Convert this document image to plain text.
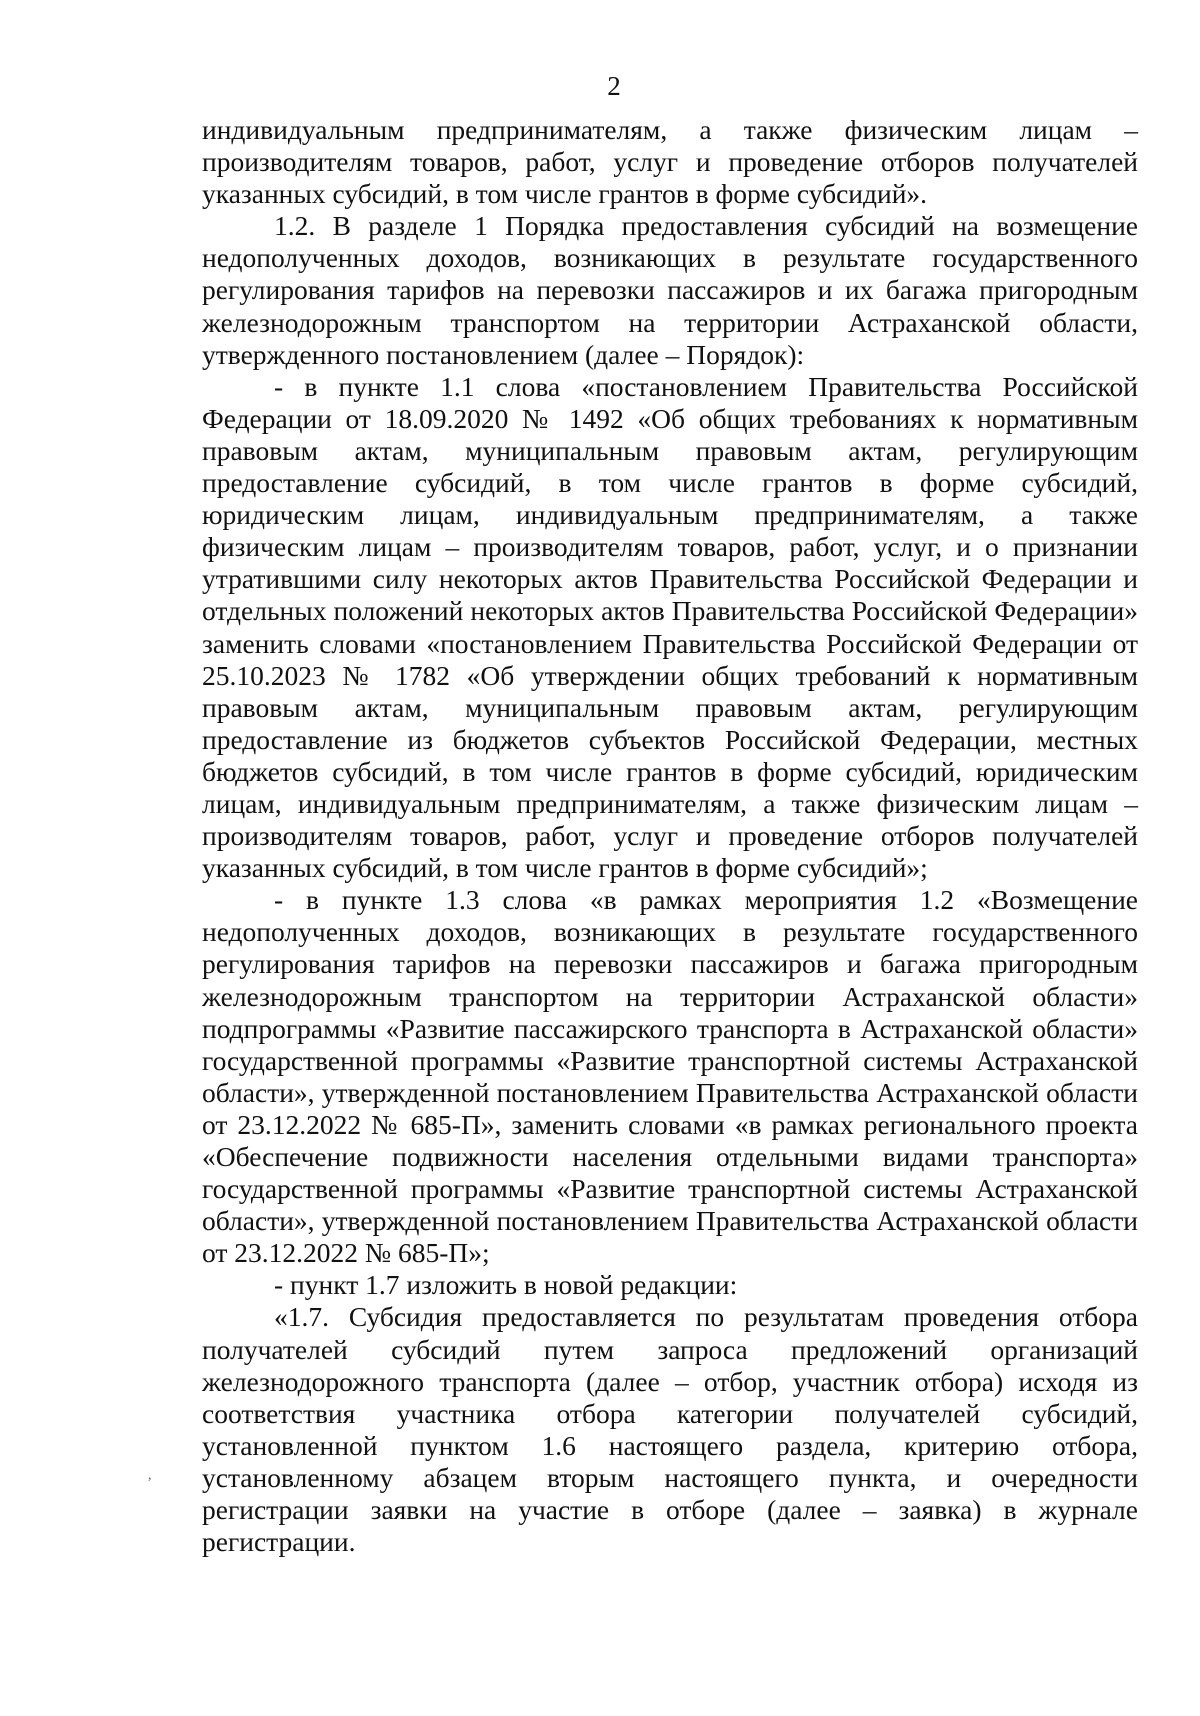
2

индивидуальным предпринимателям, а также физическим лицам – производителям товаров, работ, услуг и проведение отборов получателей указанных субсидий, в том числе грантов в форме субсидий».

1.2. В разделе 1 Порядка предоставления субсидий на возмещение недополученных доходов, возникающих в результате государственного регулирования тарифов на перевозки пассажиров и их багажа пригородным железнодорожным транспортом на территории Астраханской области, утвержденного постановлением (далее – Порядок):

- в пункте 1.1 слова «постановлением Правительства Российской Федерации от 18.09.2020 № 1492 «Об общих требованиях к нормативным правовым актам, муниципальным правовым актам, регулирующим предоставление субсидий, в том числе грантов в форме субсидий, юридическим лицам, индивидуальным предпринимателям, а также физическим лицам – производителям товаров, работ, услуг, и о признании утратившими силу некоторых актов Правительства Российской Федерации и отдельных положений некоторых актов Правительства Российской Федерации» заменить словами «постановлением Правительства Российской Федерации от 25.10.2023 № 1782 «Об утверждении общих требований к нормативным правовым актам, муниципальным правовым актам, регулирующим предоставление из бюджетов субъектов Российской Федерации, местных бюджетов субсидий, в том числе грантов в форме субсидий, юридическим лицам, индивидуальным предпринимателям, а также физическим лицам – производителям товаров, работ, услуг и проведение отборов получателей указанных субсидий, в том числе грантов в форме субсидий»;

- в пункте 1.3 слова «в рамках мероприятия 1.2 «Возмещение недополученных доходов, возникающих в результате государственного регулирования тарифов на перевозки пассажиров и багажа пригородным железнодорожным транспортом на территории Астраханской области» подпрограммы «Развитие пассажирского транспорта в Астраханской области» государственной программы «Развитие транспортной системы Астраханской области», утвержденной постановлением Правительства Астраханской области от 23.12.2022 № 685-П», заменить словами «в рамках регионального проекта «Обеспечение подвижности населения отдельными видами транспорта» государственной программы «Развитие транспортной системы Астраханской области», утвержденной постановлением Правительства Астраханской области от 23.12.2022 № 685-П»;

- пункт 1.7 изложить в новой редакции:

«1.7. Субсидия предоставляется по результатам проведения отбора получателей субсидий путем запроса предложений организаций железнодорожного транспорта (далее – отбор, участник отбора) исходя из соответствия участника отбора категории получателей субсидий, установленной пунктом 1.6 настоящего раздела, критерию отбора, установленному абзацем вторым настоящего пункта, и очередности регистрации заявки на участие в отборе (далее – заявка) в журнале регистрации.

,
